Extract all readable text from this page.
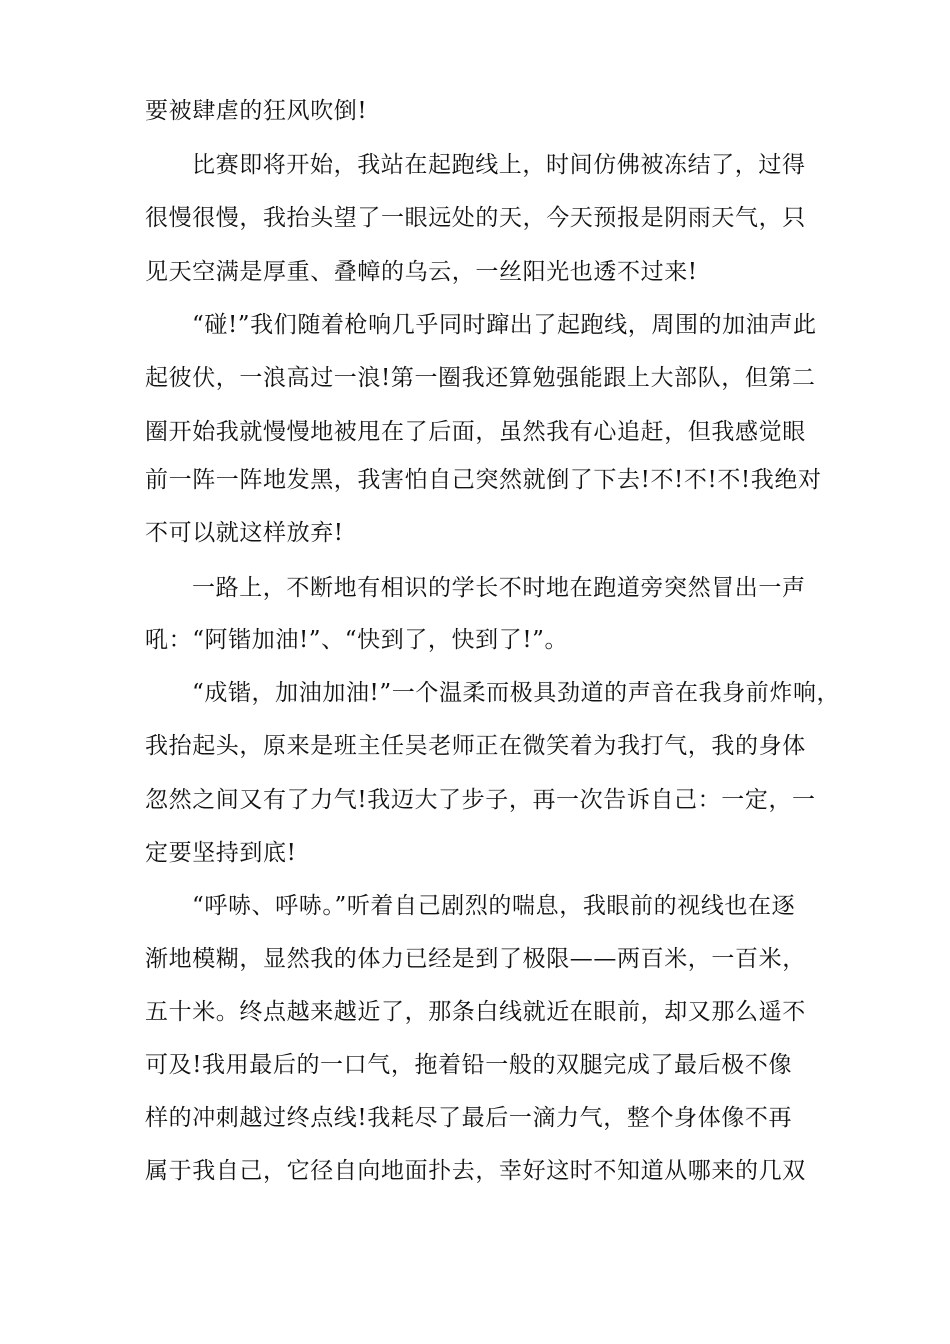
要被肆虐的狂风吹倒!
比赛即将开始，我站在起跑线上，时间仿佛被冻结了，过得
很慢很慢，我抬头望了一眼远处的天，今天预报是阴雨天气，只
见天空满是厚重、叠幛的乌云，一丝阳光也透不过来!
“碰!”我们随着枪响几乎同时蹿出了起跑线，周围的加油声此
起彼伏，一浪高过一浪!第一圈我还算勉强能跟上大部队，但第二
圈开始我就慢慢地被甩在了后面，虽然我有心追赶，但我感觉眼
前一阵一阵地发黑，我害怕自己突然就倒了下去!不!不!不!我绝对
不可以就这样放弃!
一路上，不断地有相识的学长不时地在跑道旁突然冒出一声
吼：“阿锴加油!”、“快到了，快到了!”。
“成锴，加油加油!”一个温柔而极具劲道的声音在我身前炸响，
我抬起头，原来是班主任吴老师正在微笑着为我打气，我的身体
忽然之间又有了力气!我迈大了步子，再一次告诉自己：一定，一
定要坚持到底!
“呼哧、呼哧。”听着自己剧烈的喘息，我眼前的视线也在逐
渐地模糊，显然我的体力已经是到了极限——两百米，一百米，
五十米。终点越来越近了，那条白线就近在眼前，却又那么遥不
可及!我用最后的一口气，拖着铅一般的双腿完成了最后极不像
样的冲刺越过终点线!我耗尽了最后一滴力气，整个身体像不再
属于我自己，它径自向地面扑去，幸好这时不知道从哪来的几双
